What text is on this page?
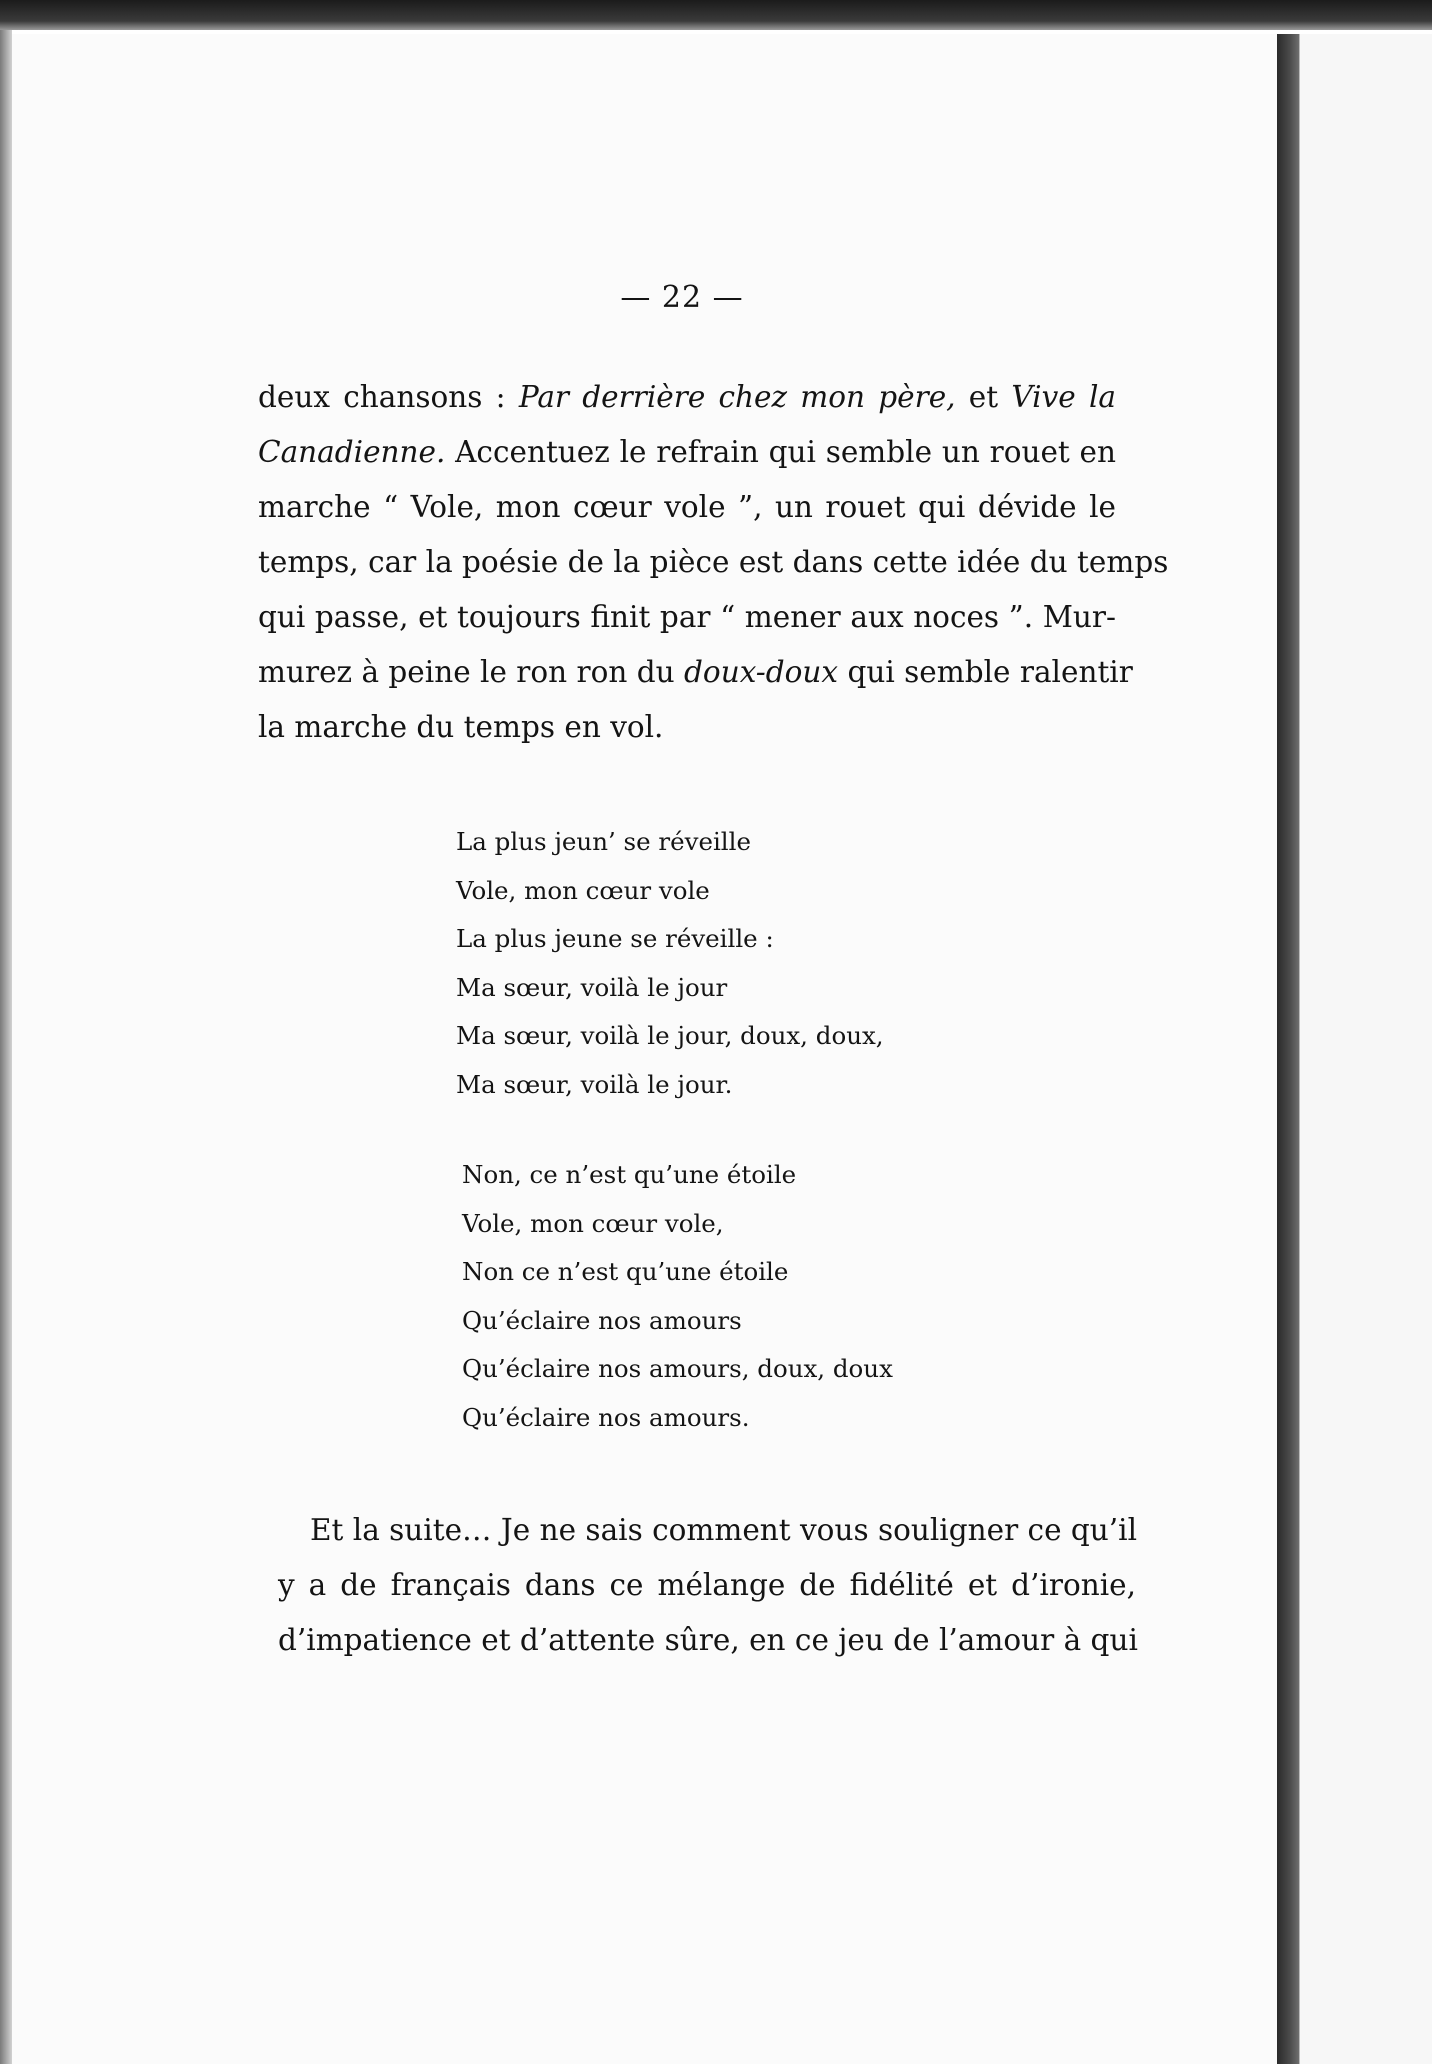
— 22 —
deux chansons : Par derrière chez mon père, et Vive la
Canadienne. Accentuez le refrain qui semble un rouet en
marche “ Vole, mon cœur vole ”, un rouet qui dévide le
temps, car la poésie de la pièce est dans cette idée du temps
qui passe, et toujours finit par “ mener aux noces ”. Mur-
murez à peine le ron ron du doux-doux qui semble ralentir
la marche du temps en vol.
La plus jeun’ se réveille
Vole, mon cœur vole
La plus jeune se réveille :
Ma sœur, voilà le jour
Ma sœur, voilà le jour, doux, doux,
Ma sœur, voilà le jour.
Non, ce n’est qu’une étoile
Vole, mon cœur vole,
Non ce n’est qu’une étoile
Qu’éclaire nos amours
Qu’éclaire nos amours, doux, doux
Qu’éclaire nos amours.
Et la suite… Je ne sais comment vous souligner ce qu’il
y a de français dans ce mélange de fidélité et d’ironie,
d’impatience et d’attente sûre, en ce jeu de l’amour à qui
